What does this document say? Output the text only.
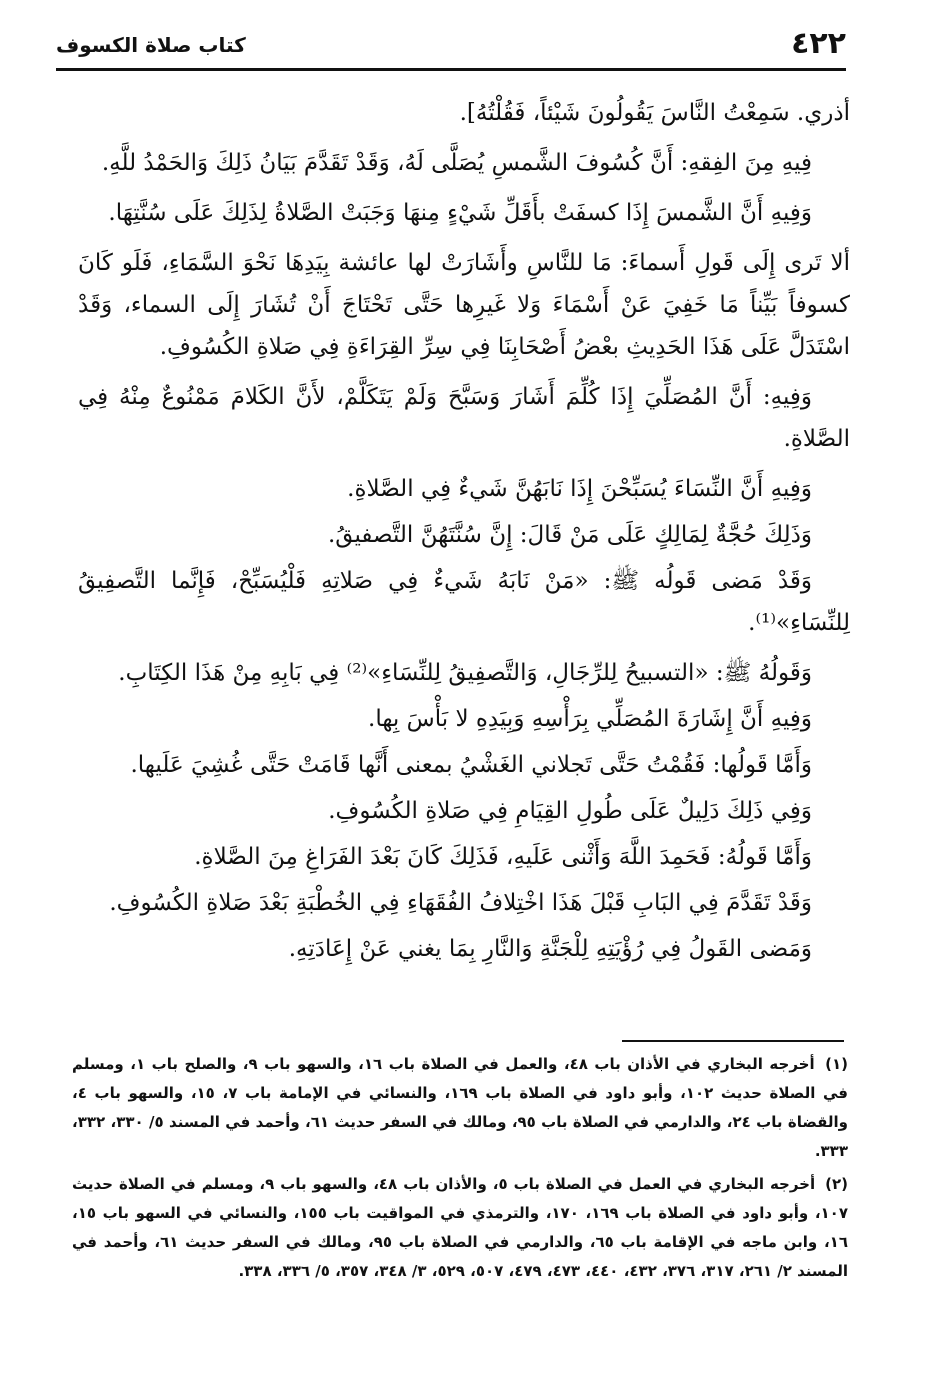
٤٢٢
كتاب صلاة الكسوف

أذري. سَمِعْتُ النَّاسَ يَقُولُونَ شَيْئاً، فَقُلْتُهُ].

فِيهِ مِنَ الفِقهِ: أَنَّ كُسُوفَ الشَّمسِ يُصَلَّى لَهُ، وَقَدْ تَقَدَّمَ بَيَانُ ذَلِكَ وَالحَمْدُ للَّهِ.

وَفِيهِ أَنَّ الشَّمسَ إِذَا كسفَتْ بأَقَلِّ شَيْءٍ مِنهَا وَجَبَتْ الصَّلاةُ لِذَلِكَ عَلَى سُنَّتِهَا.

ألا تَرى إِلَى قَولِ أَسماءَ: مَا للنَّاسِ وأَشَارَتْ لها عائشة بِيَدِهَا نَحْوَ السَّمَاءِ، فَلَو كَانَ كسوفاً بَيِّناً مَا خَفِيَ عَنْ أَسْمَاءَ وَلا غَيرِها حَتَّى تَحْتَاجَ أَنْ تُشَارَ إِلَى السماء، وَقَدْ اسْتَدَلَّ عَلَى هَذَا الحَدِيثِ بعْضُ أَصْحَابِنَا فِي سِرِّ القِرَاءَةِ فِي صَلاةِ الكُسُوفِ.

وَفِيهِ: أَنَّ المُصَلِّيَ إِذَا كُلِّمَ أَشَارَ وَسَبَّحَ وَلَمْ يَتَكَلَّمْ، لأَنَّ الكَلامَ مَمْنُوعٌ مِنْهُ فِي الصَّلاةِ.

وَفِيهِ أَنَّ النِّسَاءَ يُسَبِّحْنَ إِذَا نَابَهُنَّ شَيءٌ فِي الصَّلاةِ.

وَذَلِكَ حُجَّةٌ لِمَالِكٍ عَلَى مَنْ قَالَ: إِنَّ سُنَّتَهُنَّ التَّصفيقُ.

وَقَدْ مَضى قَولُه ﷺ: «مَنْ نَابَهُ شَيءٌ فِي صَلاتِهِ فَلْيُسَبِّحْ، فَإِنَّما التَّصفِيقُ لِلنِّسَاءِ»⁽¹⁾.

وَقَولُهُ ﷺ: «التسبيحُ لِلرِّجَالِ، وَالتَّصفِيقُ لِلنِّسَاءِ»⁽²⁾ فِي بَابِهِ مِنْ هَذَا الكِتَابِ.

وَفِيهِ أَنَّ إِشَارَةَ المُصَلِّي بِرَأْسِهِ وَبِيَدِهِ لا بَأْسَ بِها.

وَأَمَّا قَولُها: فَقُمْتُ حَتَّى تَجلاني الغَشْيُ بمعنى أَنَّها قَامَتْ حَتَّى غُشِيَ عَلَيها.

وَفِي ذَلِكَ دَلِيلٌ عَلَى طُولِ القِيَامِ فِي صَلاةِ الكُسُوفِ.

وَأَمَّا قَولُهُ: فَحَمِدَ اللَّهَ وَأَثْنى عَلَيهِ، فَذَلِكَ كَانَ بَعْدَ الفَرَاغِ مِنَ الصَّلاةِ.

وَقَدْ تَقَدَّمَ فِي البَابِ قَبْلَ هَذَا اخْتِلافُ الفُقَهَاءِ فِي الخُطْبَةِ بَعْدَ صَلاةِ الكُسُوفِ.

وَمَضى القَولُ فِي رُؤْيَتِهِ لِلْجَنَّةِ وَالنَّارِ بِمَا يغني عَنْ إِعَادَتِهِ.

(١) أخرجه البخاري في الأذان باب ٤٨، والعمل في الصلاة باب ١٦، والسهو باب ٩، والصلح باب ١، ومسلم في الصلاة حديث ١٠٢، وأبو داود في الصلاة باب ١٦٩، والنسائي في الإمامة باب ٧، ١٥، والسهو باب ٤، والقضاة باب ٢٤، والدارمي في الصلاة باب ٩٥، ومالك في السفر حديث ٦١، وأحمد في المسند ٥/ ٣٣٠، ٣٣٢، ٣٣٣.

(٢) أخرجه البخاري في العمل في الصلاة باب ٥، والأذان باب ٤٨، والسهو باب ٩، ومسلم في الصلاة حديث ١٠٧، وأبو داود في الصلاة باب ١٦٩، ١٧٠، والترمذي في المواقيت باب ١٥٥، والنسائي في السهو باب ١٥، ١٦، وابن ماجه في الإقامة باب ٦٥، والدارمي في الصلاة باب ٩٥، ومالك في السفر حديث ٦١، وأحمد في المسند ٢/ ٢٦١، ٣١٧، ٣٧٦، ٤٣٢، ٤٤٠، ٤٧٣، ٤٧٩، ٥٠٧، ٥٢٩، ٣/ ٣٤٨، ٣٥٧، ٥/ ٣٣٦، ٣٣٨.
